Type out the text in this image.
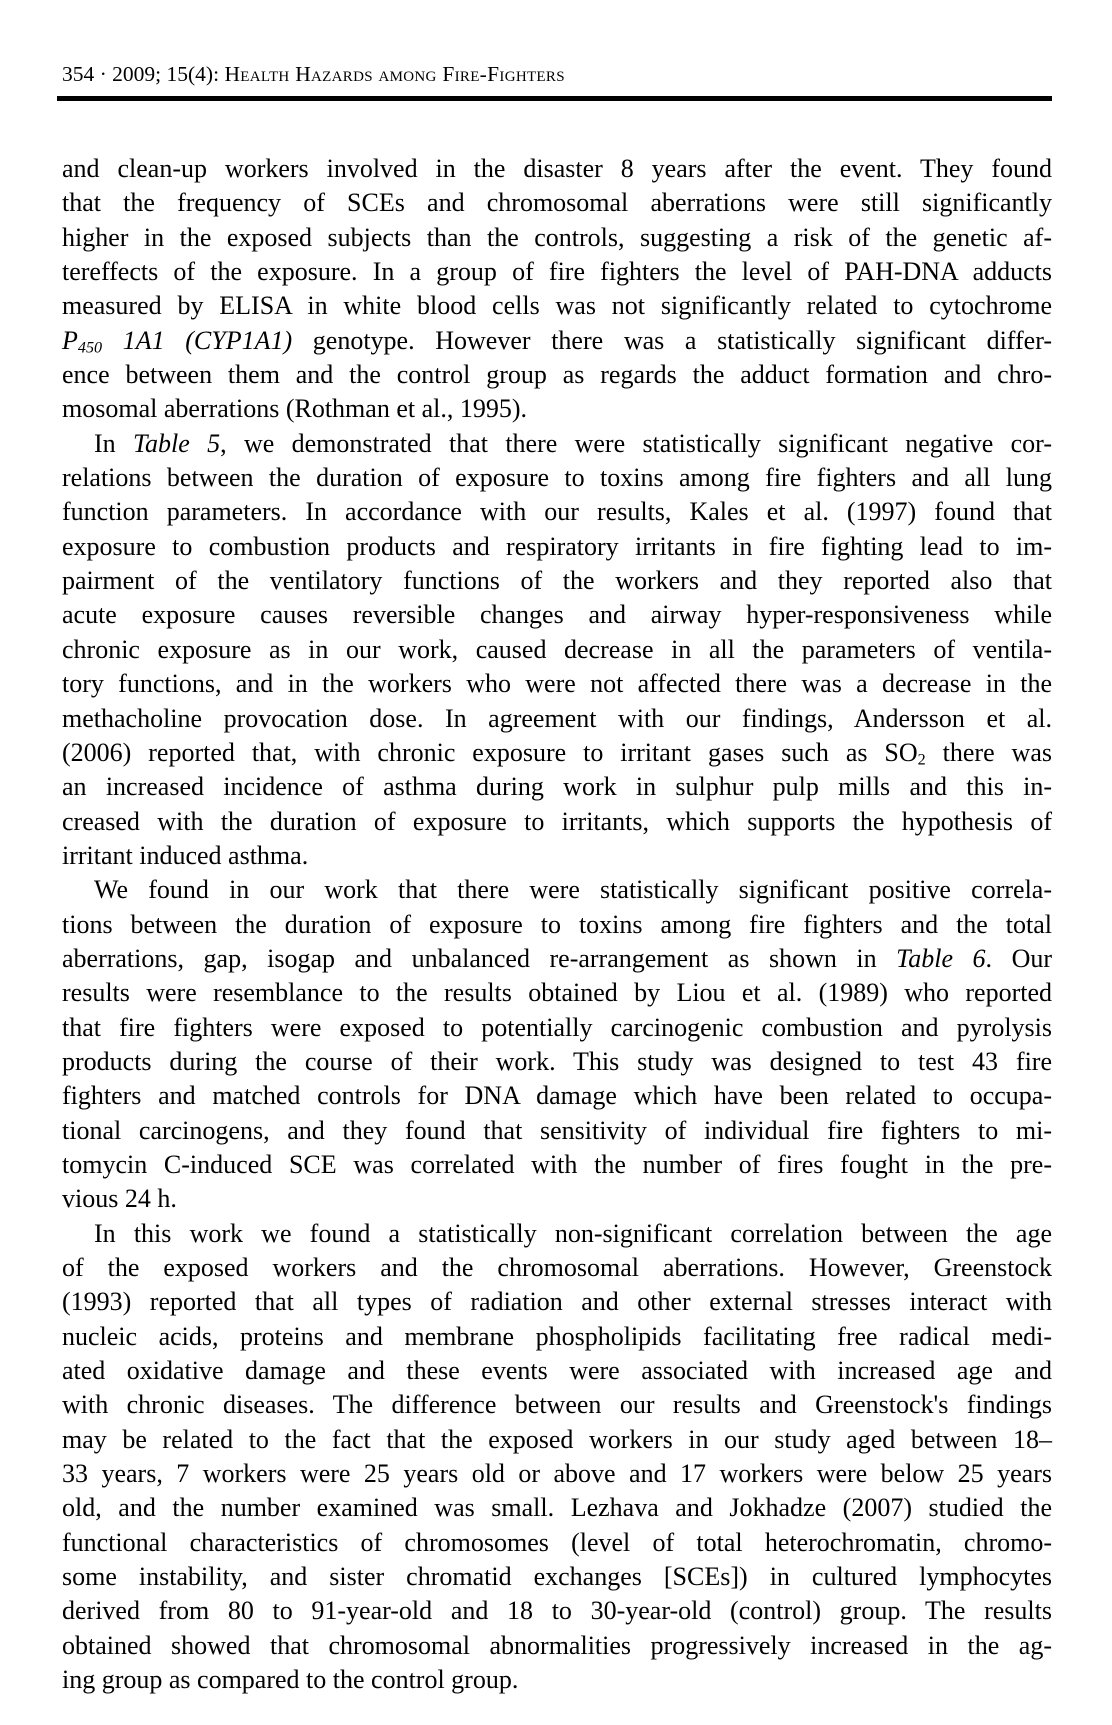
354 · 2009; 15(4): Health Hazards among Fire-Fighters
and clean-up workers involved in the disaster 8 years after the event. They found
that the frequency of SCEs and chromosomal aberrations were still significantly
higher in the exposed subjects than the controls, suggesting a risk of the genetic af-
tereffects of the exposure. In a group of fire fighters the level of PAH-DNA adducts
measured by ELISA in white blood cells was not significantly related to cytochrome
$P_{450}$ 1A1 (CYP1A1) genotype. However there was a statistically significant differ-
ence between them and the control group as regards the adduct formation and chro-
mosomal aberrations (Rothman et al., 1995).
In Table 5, we demonstrated that there were statistically significant negative cor-
relations between the duration of exposure to toxins among fire fighters and all lung
function parameters. In accordance with our results, Kales et al. (1997) found that
exposure to combustion products and respiratory irritants in fire fighting lead to im-
pairment of the ventilatory functions of the workers and they reported also that
acute exposure causes reversible changes and airway hyper-responsiveness while
chronic exposure as in our work, caused decrease in all the parameters of ventila-
tory functions, and in the workers who were not affected there was a decrease in the
methacholine provocation dose. In agreement with our findings, Andersson et al.
(2006) reported that, with chronic exposure to irritant gases such as $SO_2$ there was
an increased incidence of asthma during work in sulphur pulp mills and this in-
creased with the duration of exposure to irritants, which supports the hypothesis of
irritant induced asthma.
We found in our work that there were statistically significant positive correla-
tions between the duration of exposure to toxins among fire fighters and the total
aberrations, gap, isogap and unbalanced re-arrangement as shown in Table 6. Our
results were resemblance to the results obtained by Liou et al. (1989) who reported
that fire fighters were exposed to potentially carcinogenic combustion and pyrolysis
products during the course of their work. This study was designed to test 43 fire
fighters and matched controls for DNA damage which have been related to occupa-
tional carcinogens, and they found that sensitivity of individual fire fighters to mi-
tomycin C-induced SCE was correlated with the number of fires fought in the pre-
vious 24 h.
In this work we found a statistically non-significant correlation between the age
of the exposed workers and the chromosomal aberrations. However, Greenstock
(1993) reported that all types of radiation and other external stresses interact with
nucleic acids, proteins and membrane phospholipids facilitating free radical medi-
ated oxidative damage and these events were associated with increased age and
with chronic diseases. The difference between our results and Greenstock's findings
may be related to the fact that the exposed workers in our study aged between 18–
33 years, 7 workers were 25 years old or above and 17 workers were below 25 years
old, and the number examined was small. Lezhava and Jokhadze (2007) studied the
functional characteristics of chromosomes (level of total heterochromatin, chromo-
some instability, and sister chromatid exchanges [SCEs]) in cultured lymphocytes
derived from 80 to 91-year-old and 18 to 30-year-old (control) group. The results
obtained showed that chromosomal abnormalities progressively increased in the ag-
ing group as compared to the control group.
